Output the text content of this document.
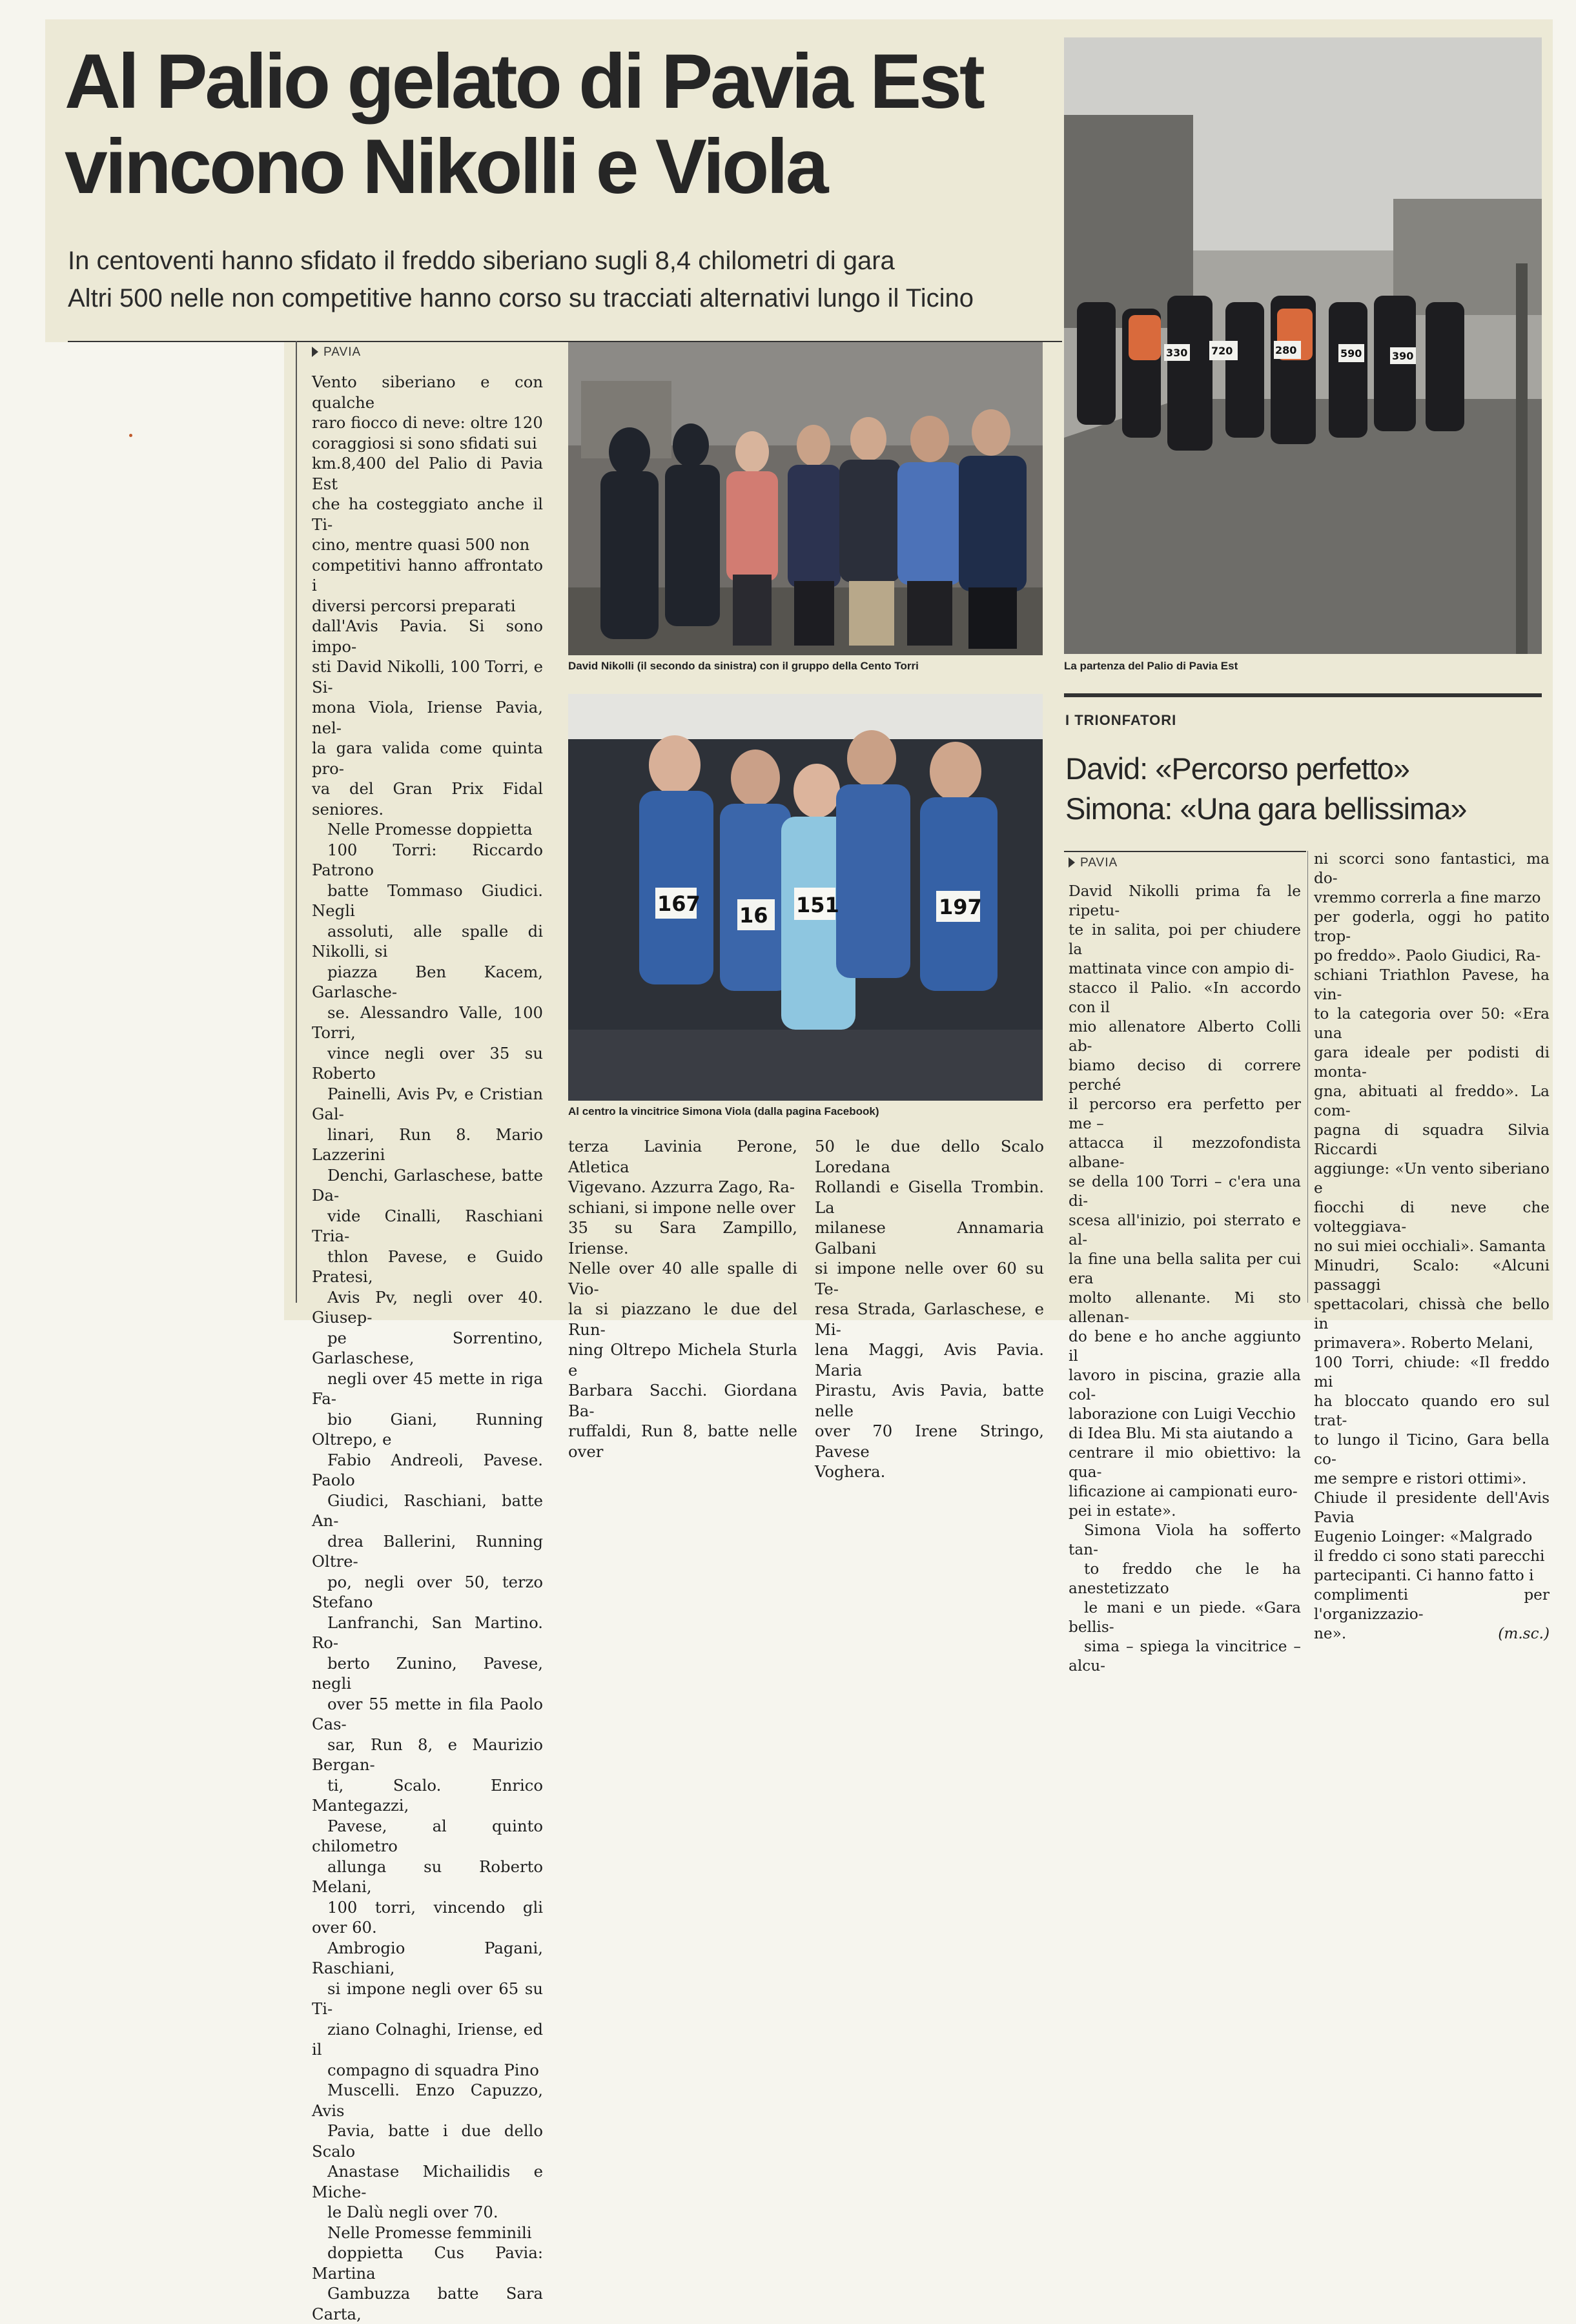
Al Palio gelato di Pavia Est
vincono Nikolli e Viola
In centoventi hanno sfidato il freddo siberiano sugli 8,4 chilometri di gara
Altri 500 nelle non competitive hanno corso su tracciati alternativi lungo il Ticino
PAVIA

Vento siberiano e con qualche
raro fiocco di neve: oltre 120
coraggiosi si sono sfidati sui
km.8,400 del Palio di Pavia Est
che ha costeggiato anche il Ti-
cino, mentre quasi 500 non
competitivi hanno affrontato i
diversi percorsi preparati
dall'Avis Pavia. Si sono impo-
sti David Nikolli, 100 Torri, e Si-
mona Viola, Iriense Pavia, nel-
la gara valida come quinta pro-
va del Gran Prix Fidal seniores.

Nelle Promesse doppietta
100 Torri: Riccardo Patrono
batte Tommaso Giudici. Negli
assoluti, alle spalle di Nikolli, si
piazza Ben Kacem, Garlasche-
se. Alessandro Valle, 100 Torri,
vince negli over 35 su Roberto
Painelli, Avis Pv, e Cristian Gal-
linari, Run 8. Mario Lazzerini
Denchi, Garlaschese, batte Da-
vide Cinalli, Raschiani Tria-
thlon Pavese, e Guido Pratesi,
Avis Pv, negli over 40. Giusep-
pe Sorrentino, Garlaschese,
negli over 45 mette in riga Fa-
bio Giani, Running Oltrepo, e
Fabio Andreoli, Pavese. Paolo
Giudici, Raschiani, batte An-
drea Ballerini, Running Oltre-
po, negli over 50, terzo Stefano
Lanfranchi, San Martino. Ro-
berto Zunino, Pavese, negli
over 55 mette in fila Paolo Cas-
sar, Run 8, e Maurizio Bergan-
ti, Scalo. Enrico Mantegazzi,
Pavese, al quinto chilometro
allunga su Roberto Melani,
100 torri, vincendo gli over 60.
Ambrogio Pagani, Raschiani,
si impone negli over 65 su Ti-
ziano Colnaghi, Iriense, ed il
compagno di squadra Pino
Muscelli. Enzo Capuzzo, Avis
Pavia, batte i due dello Scalo
Anastase Michailidis e Miche-
le Dalù negli over 70.

Nelle Promesse femminili
doppietta Cus Pavia: Martina
Gambuzza batte Sara Carta,

David Nikolli (il secondo da sinistra) con il gruppo della Cento Torri
167 16 151	197
Al centro la vincitrice Simona Viola (dalla pagina Facebook)

terza Lavinia Perone, Atletica
Vigevano. Azzurra Zago, Ra-
schiani, si impone nelle over
35 su Sara Zampillo, Iriense.
Nelle over 40 alle spalle di Vio-
la si piazzano le due del Run-
ning Oltrepo Michela Sturla e
Barbara Sacchi. Giordana Ba-
ruffaldi, Run 8, batte nelle over

50 le due dello Scalo Loredana
Rollandi e Gisella Trombin. La
milanese Annamaria Galbani
si impone nelle over 60 su Te-
resa Strada, Garlaschese, e Mi-
lena Maggi, Avis Pavia. Maria
Pirastu, Avis Pavia, batte nelle
over 70 Irene Stringo, Pavese
Voghera.

720	590
280	390
330
La partenza del Palio di Pavia Est
I TRIONFATORI
David: «Percorso perfetto»
Simona: «Una gara bellissima»
PAVIA

David Nikolli prima fa le ripetu-
te in salita, poi per chiudere la
mattinata vince con ampio di-
stacco il Palio. «In accordo con il
mio allenatore Alberto Colli ab-
biamo deciso di correre perché
il percorso era perfetto per me –
attacca il mezzofondista albane-
se della 100 Torri – c'era una di-
scesa all'inizio, poi sterrato e al-
la fine una bella salita per cui era
molto allenante. Mi sto allenan-
do bene e ho anche aggiunto il
lavoro in piscina, grazie alla col-
laborazione con Luigi Vecchio
di Idea Blu. Mi sta aiutando a
centrare il mio obiettivo: la qua-
lificazione ai campionati euro-
pei in estate».

Simona Viola ha sofferto tan-
to freddo che le ha anestetizzato
le mani e un piede. «Gara bellis-
sima – spiega la vincitrice – alcu-

ni scorci sono fantastici, ma do-
vremmo correrla a fine marzo
per goderla, oggi ho patito trop-
po freddo». Paolo Giudici, Ra-
schiani Triathlon Pavese, ha vin-
to la categoria over 50: «Era una
gara ideale per podisti di monta-
gna, abituati al freddo». La com-
pagna di squadra Silvia Riccardi
aggiunge: «Un vento siberiano e
fiocchi di neve che volteggiava-
no sui miei occhiali». Samanta
Minudri, Scalo: «Alcuni passaggi
spettacolari, chissà che bello in
primavera». Roberto Melani,
100 Torri, chiude: «Il freddo mi
ha bloccato quando ero sul trat-
to lungo il Ticino, Gara bella co-
me sempre e ristori ottimi».
Chiude il presidente dell'Avis Pavia
Eugenio Loinger: «Malgrado
il freddo ci sono stati parecchi
partecipanti. Ci hanno fatto i
complimenti per l'organizzazio-
ne».	(m.sc.)
